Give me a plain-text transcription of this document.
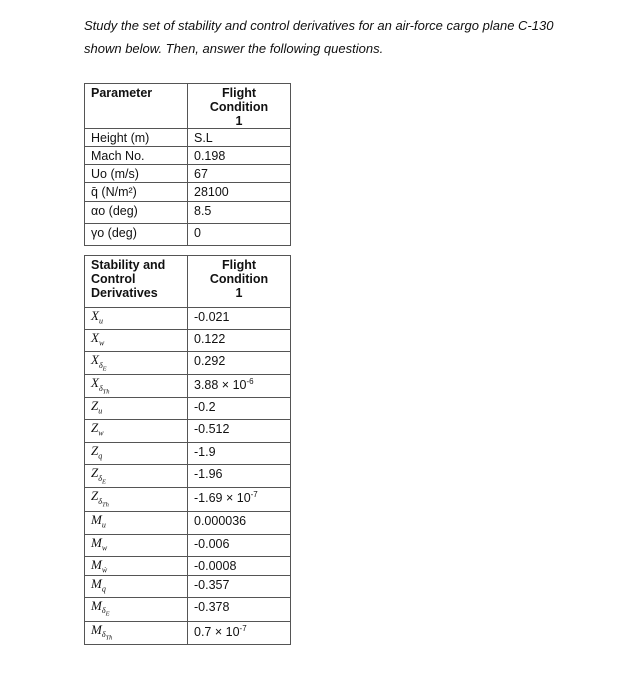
Study the set of stability and control derivatives for an air-force cargo plane C-130

shown below. Then, answer the following questions.

Parameter	Flight Condition
1

Height (m)	S.L
Mach No.	0.198
Uo (m/s)	67
q̄ (N/m²)	28100
αo (deg)	8.5
γo (deg)	0
Stability and
Control
Derivatives	Flight Condition
1

$X_u$	-0.021
$X_w$	0.122
$X_{\delta_E}$	0.292
$X_{\delta_{Th}}$	$3.88 \times 10^{-6}$
$Z_u$	-0.2
$Z_w$	-0.512
$Z_q$	-1.9
$Z_{\delta_E}$	-1.96
$Z_{\delta_{Th}}$	$-1.69 \times 10^{-7}$
$M_u$	0.000036
$M_w$	-0.006
$M_ẇ$	-0.0008
$M_q$	-0.357
$M_{\delta_E}$	-0.378
$M_{\delta_{Th}}$	$0.7 \times 10^{-7}$
